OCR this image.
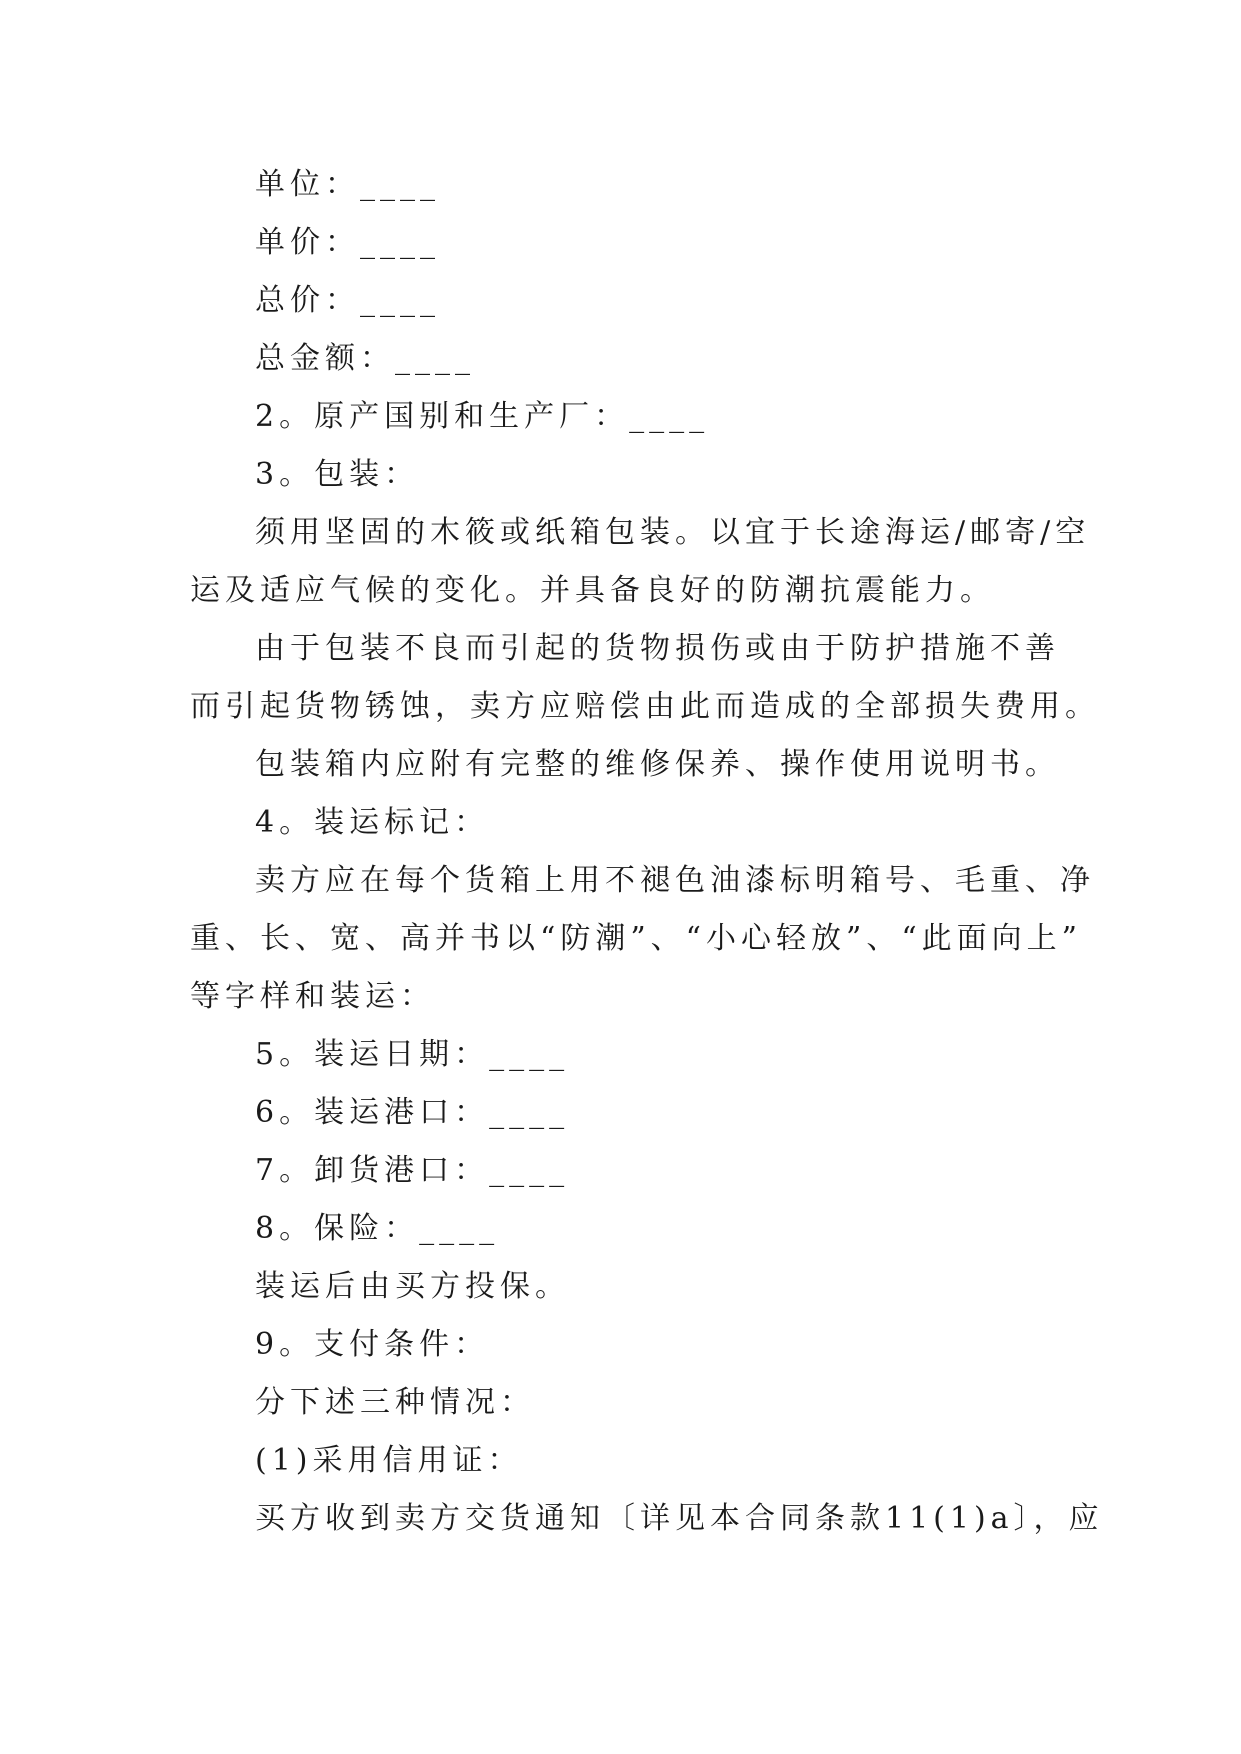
单位：____
单价：____
总价：____
总金额：____
2。原产国别和生产厂：____
3。包装：
须用坚固的木筱或纸箱包装。以宜于长途海运/邮寄/空
运及适应气候的变化。并具备良好的防潮抗震能力。
由于包装不良而引起的货物损伤或由于防护措施不善
而引起货物锈蚀，卖方应赔偿由此而造成的全部损失费用。
包装箱内应附有完整的维修保养、操作使用说明书。
4。装运标记：
卖方应在每个货箱上用不褪色油漆标明箱号、毛重、净
重、长、宽、高并书以“防潮”、“小心轻放”、“此面向上”
等字样和装运：
5。装运日期：____
6。装运港口：____
7。卸货港口：____
8。保险：____
装运后由买方投保。
9。支付条件：
分下述三种情况：
(1)采用信用证：
买方收到卖方交货通知〔详见本合同条款11(1)a〕，应
